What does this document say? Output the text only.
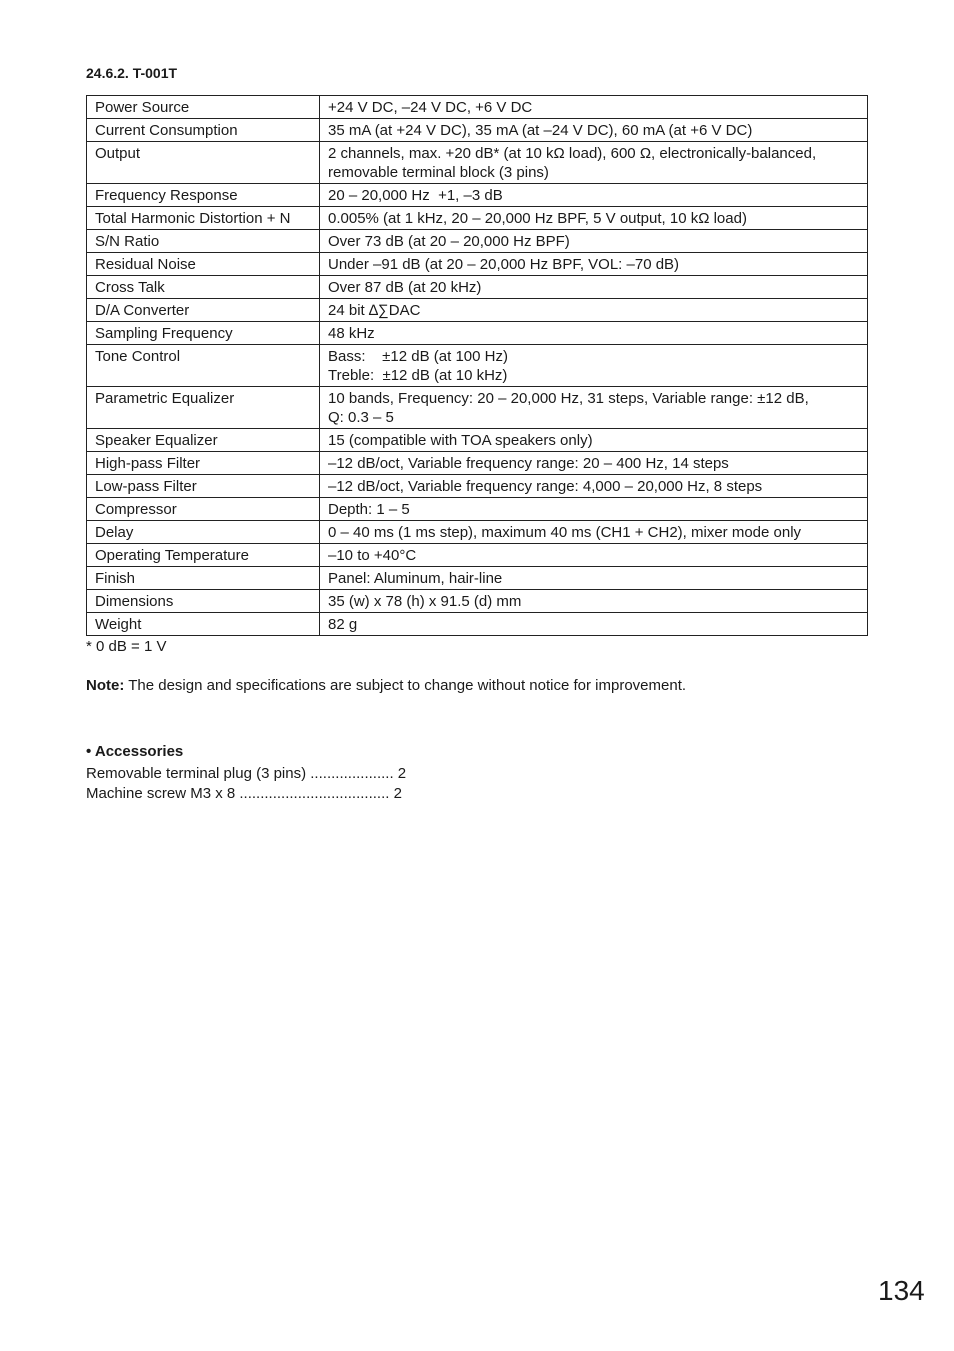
24.6.2. T-001T
Power Source	+24 V DC, –24 V DC, +6 V DC

Current Consumption	35 mA (at +24 V DC), 35 mA (at –24 V DC), 60 mA (at +6 V DC)

Output	2 channels, max. +20 dB* (at 10 kΩ load), 600 Ω, electronically-balanced,
removable terminal block (3 pins)

Frequency Response	20 – 20,000 Hz  +1, –3 dB

Total Harmonic Distortion + N	0.005% (at 1 kHz, 20 – 20,000 Hz BPF, 5 V output, 10 kΩ load)

S/N Ratio	Over 73 dB (at 20 – 20,000 Hz BPF)

Residual Noise	Under –91 dB (at 20 – 20,000 Hz BPF, VOL: –70 dB)

Cross Talk	Over 87 dB (at 20 kHz)

D/A Converter	24 bit ∆∑DAC

Sampling Frequency	48 kHz

Tone Control	Bass:    ±12 dB (at 100 Hz)
Treble:  ±12 dB (at 10 kHz)

Parametric Equalizer	10 bands, Frequency: 20 – 20,000 Hz, 31 steps, Variable range: ±12 dB,
Q: 0.3 – 5

Speaker Equalizer	15 (compatible with TOA speakers only)

High-pass Filter	–12 dB/oct, Variable frequency range: 20 – 400 Hz, 14 steps

Low-pass Filter	–12 dB/oct, Variable frequency range: 4,000 – 20,000 Hz, 8 steps

Compressor	Depth: 1 – 5

Delay	0 – 40 ms (1 ms step), maximum 40 ms (CH1 + CH2), mixer mode only

Operating Temperature	–10 to +40°C

Finish	Panel: Aluminum, hair-line

Dimensions	35 (w) x 78 (h) x 91.5 (d) mm

Weight	82 g
* 0 dB = 1 V
Note: The design and specifications are subject to change without notice for improvement.
• Accessories
Removable terminal plug (3 pins) .................... 2
Machine screw M3 x 8 .................................... 2
134
